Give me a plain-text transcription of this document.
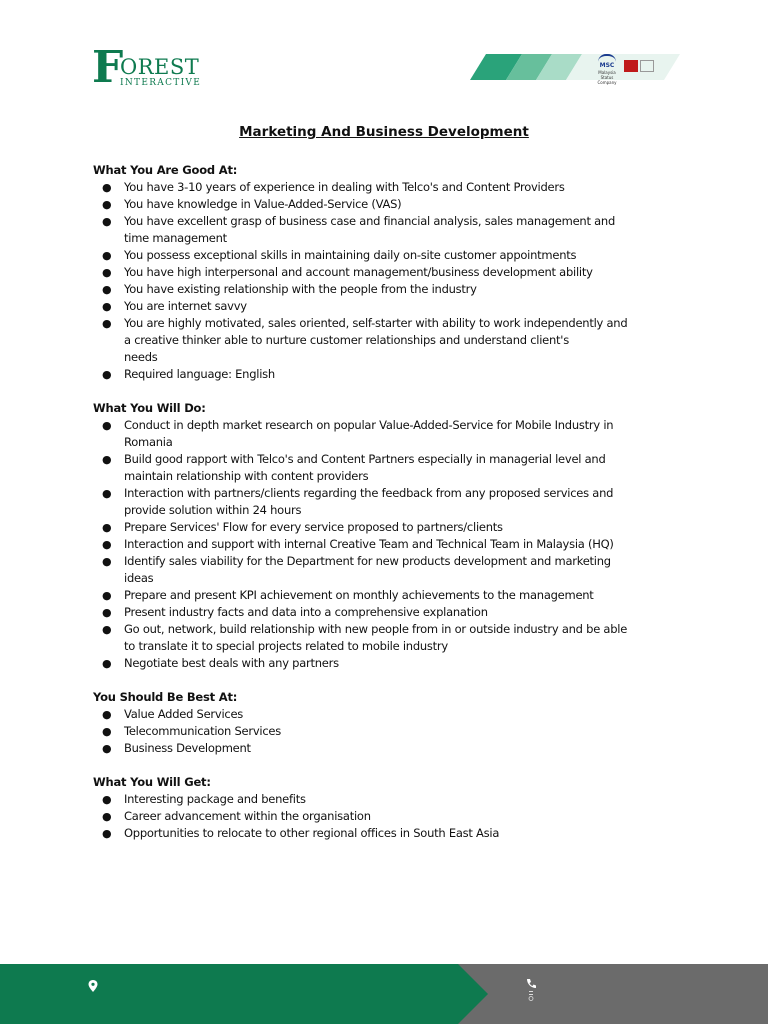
F
OREST
INTERACTIVE
MSC
Malaysia Status Company
Marketing And Business Development
What You Are Good At:
● You have 3-10 years of experience in dealing with Telco's and Content Providers
● You have knowledge in Value-Added-Service (VAS)
● You have excellent grasp of business case and financial analysis, sales management and
time management
● You possess exceptional skills in maintaining daily on-site customer appointments
● You have high interpersonal and account management/business development ability
● You have existing relationship with the people from the industry
● You are internet savvy
● You are highly motivated, sales oriented, self-starter with ability to work independently and
a creative thinker able to nurture customer relationships and understand client's
needs
● Required language: English
What You Will Do:
● Conduct in depth market research on popular Value-Added-Service for Mobile Industry in
Romania
● Build good rapport with Telco's and Content Partners especially in managerial level and
maintain relationship with content providers
● Interaction with partners/clients regarding the feedback from any proposed services and
provide solution within 24 hours
● Prepare Services' Flow for every service proposed to partners/clients
● Interaction and support with internal Creative Team and Technical Team in Malaysia (HQ)
● Identify sales viability for the Department for new products development and marketing
ideas
● Prepare and present KPI achievement on monthly achievements to the management
● Present industry facts and data into a comprehensive explanation
● Go out, network, build relationship with new people from in or outside industry and be able
to translate it to special projects related to mobile industry
● Negotiate best deals with any partners
You Should Be Best At:
● Value Added Services
● Telecommunication Services
● Business Development
What You Will Get:
● Interesting package and benefits
● Career advancement within the organisation
● Opportunities to relocate to other regional offices in South East Asia
